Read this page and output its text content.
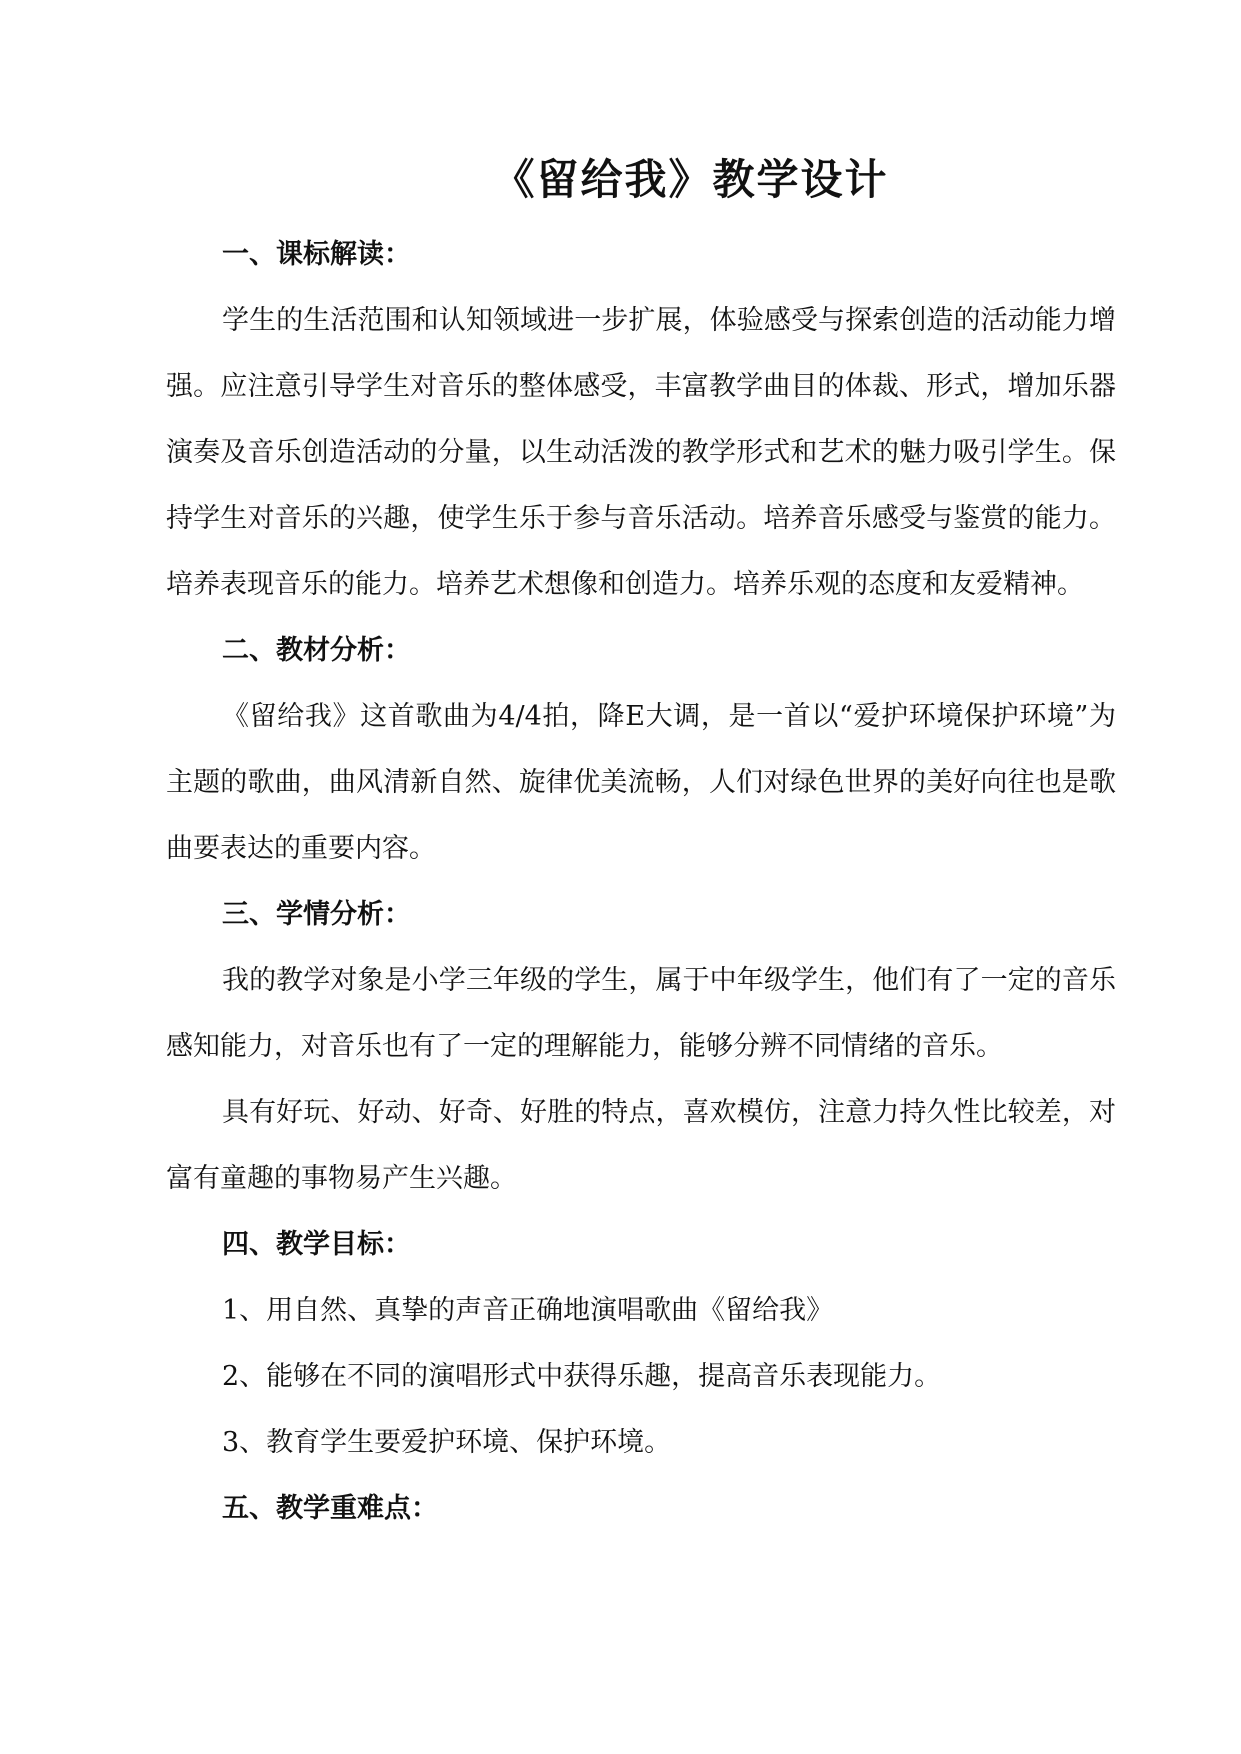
《留给我》教学设计
一、课标解读：

学生的生活范围和认知领域进一步扩展，体验感受与探索创造的活动能力增强。应注意引导学生对音乐的整体感受，丰富教学曲目的体裁、形式，增加乐器演奏及音乐创造活动的分量，以生动活泼的教学形式和艺术的魅力吸引学生。保持学生对音乐的兴趣，使学生乐于参与音乐活动。培养音乐感受与鉴赏的能力。培养表现音乐的能力。培养艺术想像和创造力。培养乐观的态度和友爱精神。

二、教材分析：

《留给我》这首歌曲为4/4拍，降E大调，是一首以“爱护环境保护环境”为主题的歌曲，曲风清新自然、旋律优美流畅，人们对绿色世界的美好向往也是歌曲要表达的重要内容。

三、学情分析：

我的教学对象是小学三年级的学生，属于中年级学生，他们有了一定的音乐感知能力，对音乐也有了一定的理解能力，能够分辨不同情绪的音乐。

具有好玩、好动、好奇、好胜的特点，喜欢模仿，注意力持久性比较差，对富有童趣的事物易产生兴趣。

四、教学目标：

1、用自然、真挚的声音正确地演唱歌曲《留给我》

2、能够在不同的演唱形式中获得乐趣，提高音乐表现能力。

3、教育学生要爱护环境、保护环境。

五、教学重难点：
